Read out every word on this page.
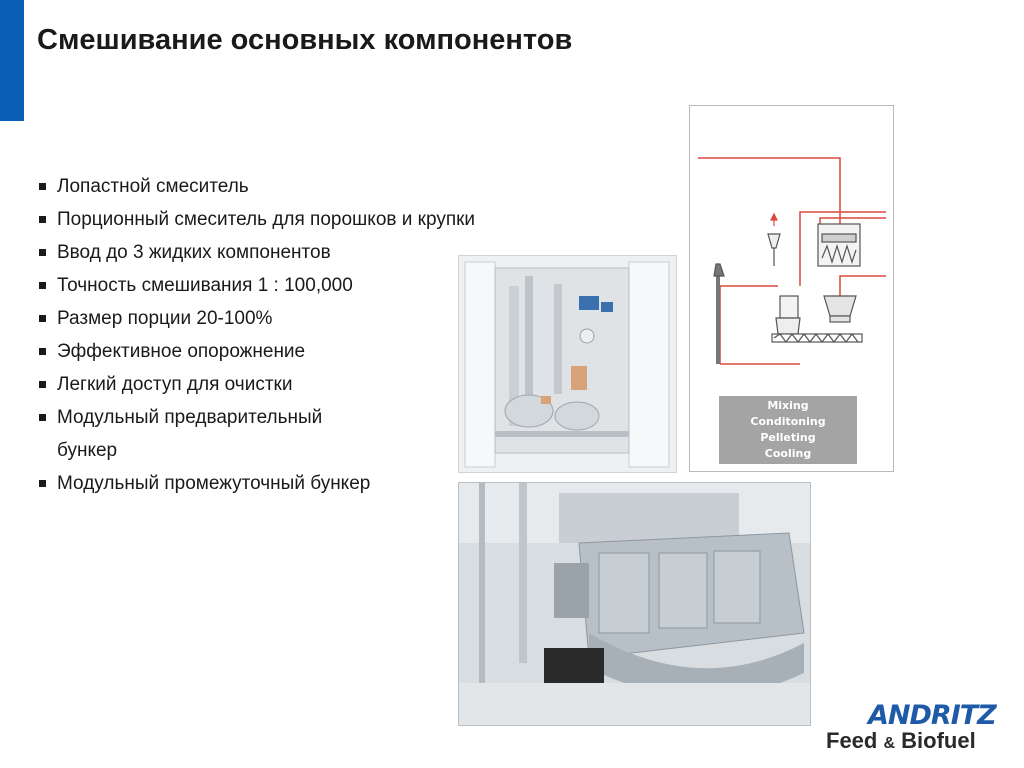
Смешивание основных компонентов
Лопастной смеситель
Порционный смеситель для порошков и крупки
Ввод до 3 жидких компонентов
Точность смешивания 1 : 100,000
Размер порции 20-100%
Эффективное опорожнение
Легкий доступ для очистки
Модульный предварительный
бункер
Модульный промежуточный бункер
Mixing
Conditoning
Pelleting
Cooling
ANDRITZ
Feed & Biofuel
